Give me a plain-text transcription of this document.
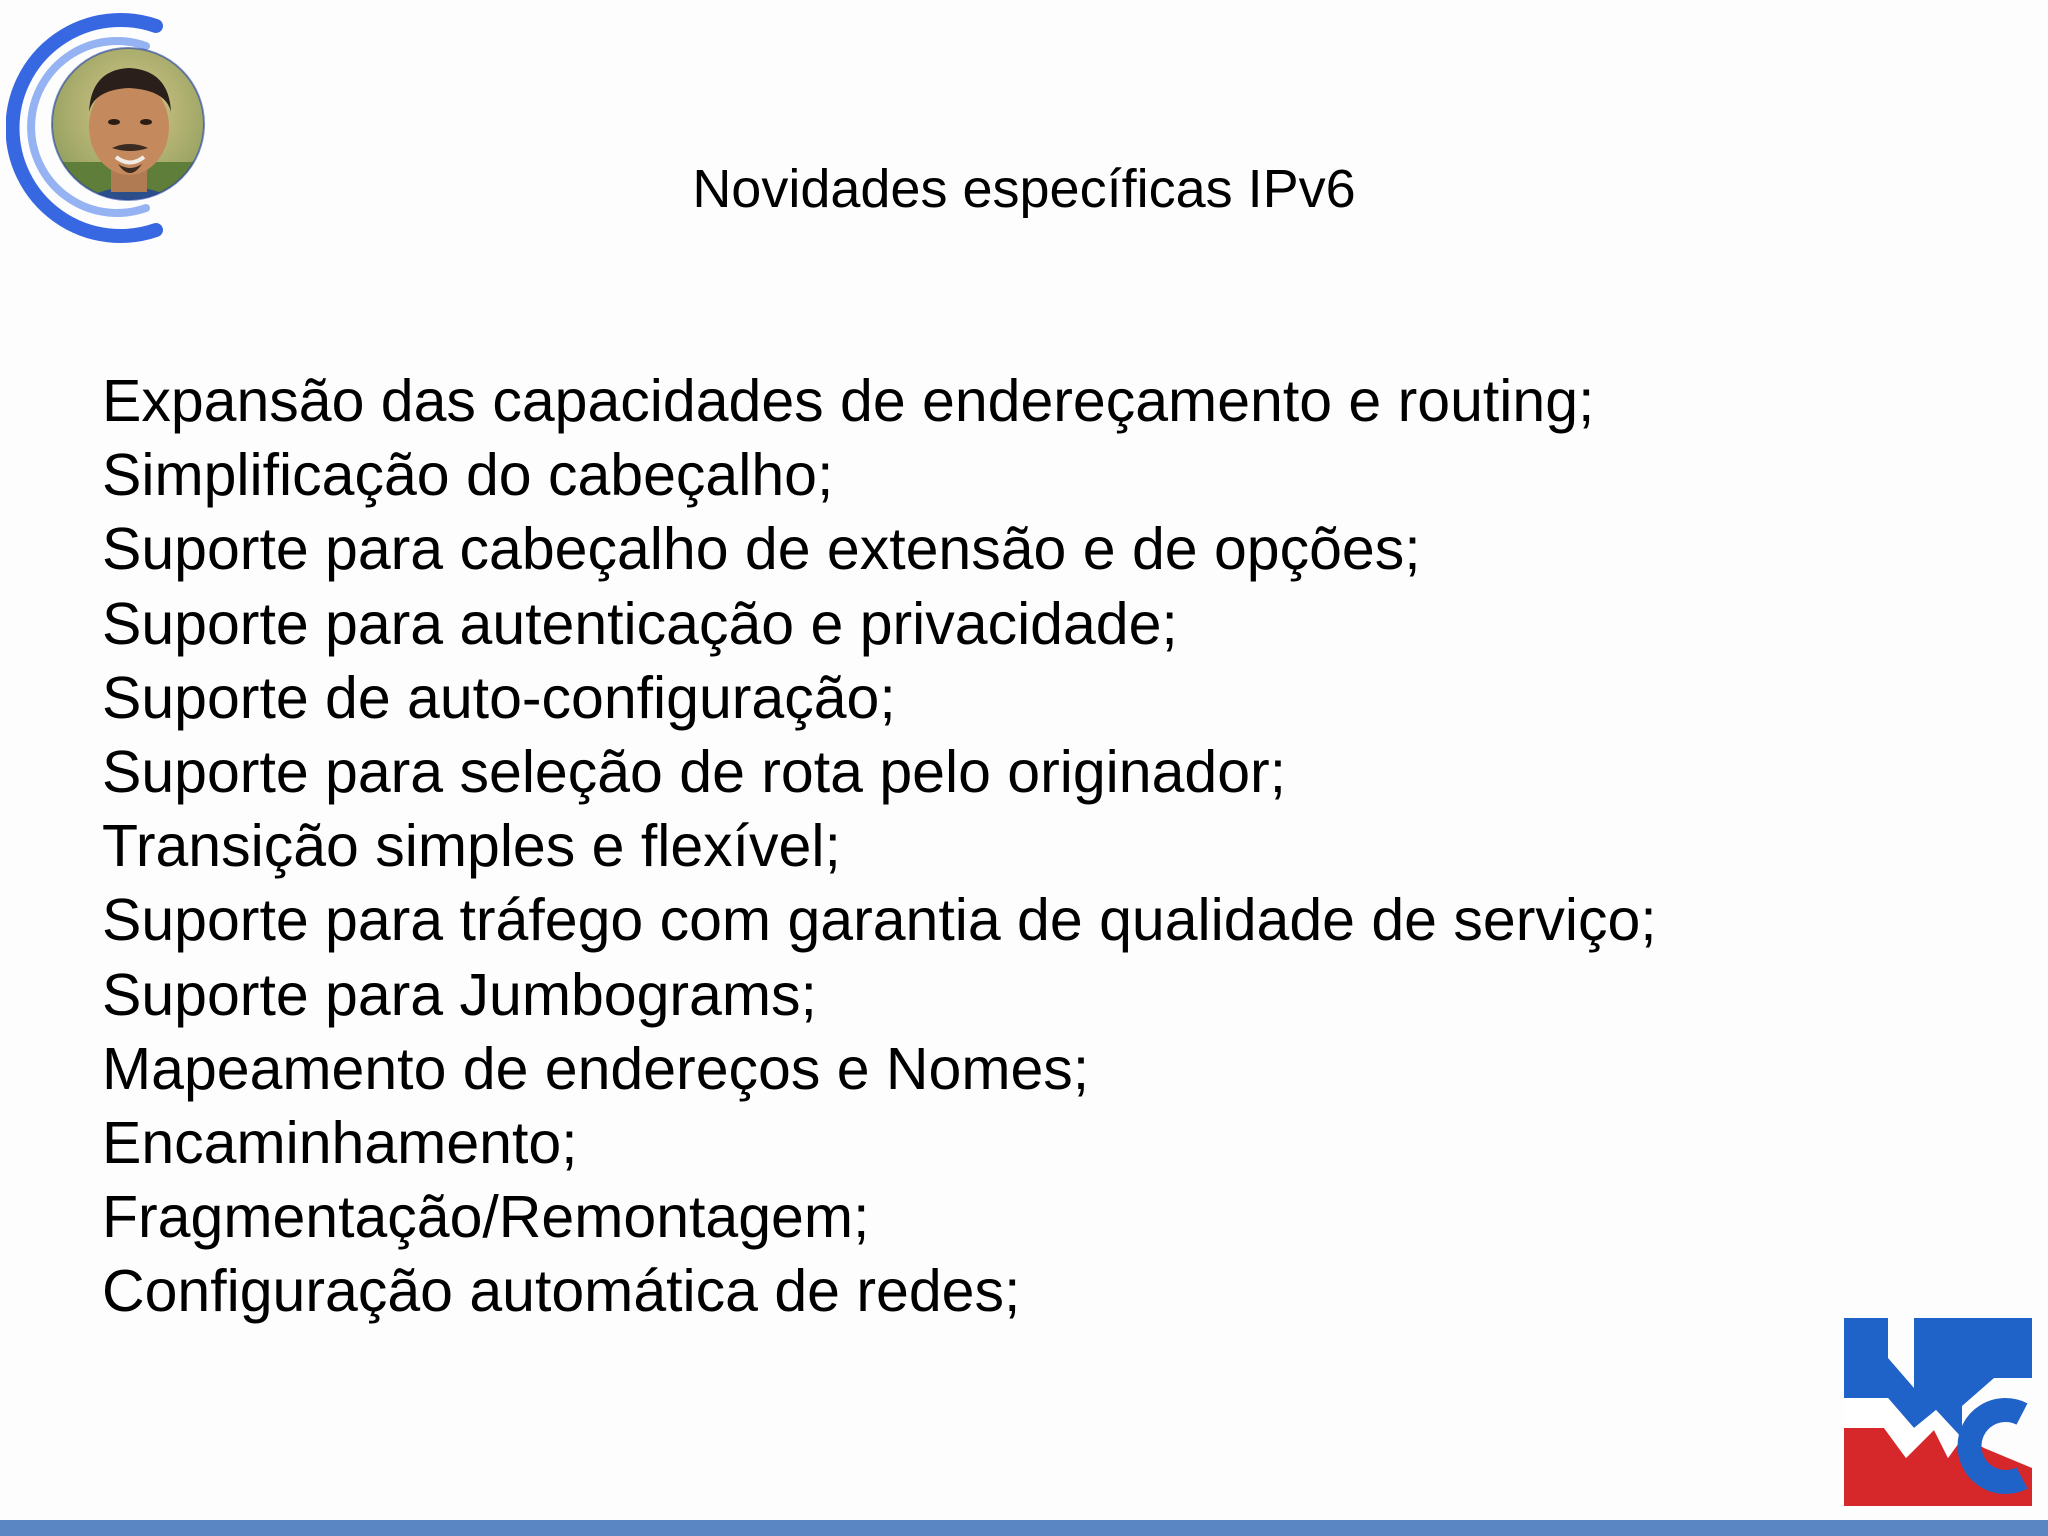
Novidades específicas IPv6
Expansão das capacidades de endereçamento e routing;
Simplificação do cabeçalho;
Suporte para cabeçalho de extensão e de opções;
Suporte para autenticação e privacidade;
Suporte de auto-configuração;
Suporte para seleção de rota pelo originador;
Transição simples e flexível;
Suporte para tráfego com garantia de qualidade de serviço;
Suporte para Jumbograms;
Mapeamento de endereços e Nomes;
Encaminhamento;
Fragmentação/Remontagem;
Configuração automática de redes;
